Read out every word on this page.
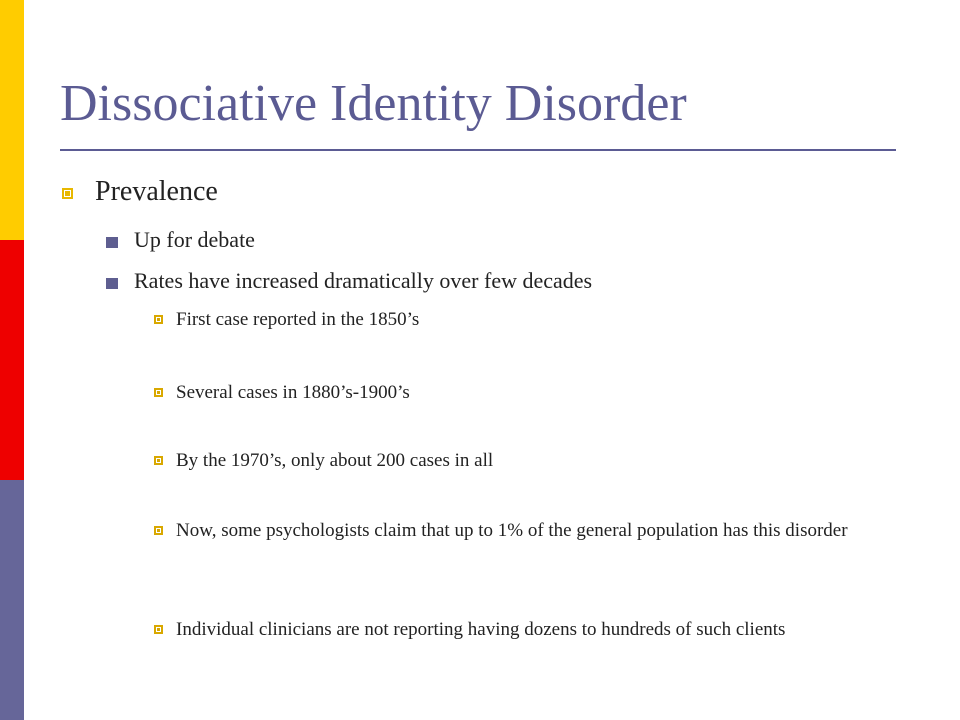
Dissociative Identity Disorder
Prevalence
Up for debate
Rates have increased dramatically over few decades
First case reported in the 1850’s
Several cases in 1880’s-1900’s
By the 1970’s, only about 200 cases in all
Now, some psychologists claim that up to 1% of the general population has this disorder
Individual clinicians are not reporting having dozens to hundreds of such clients
